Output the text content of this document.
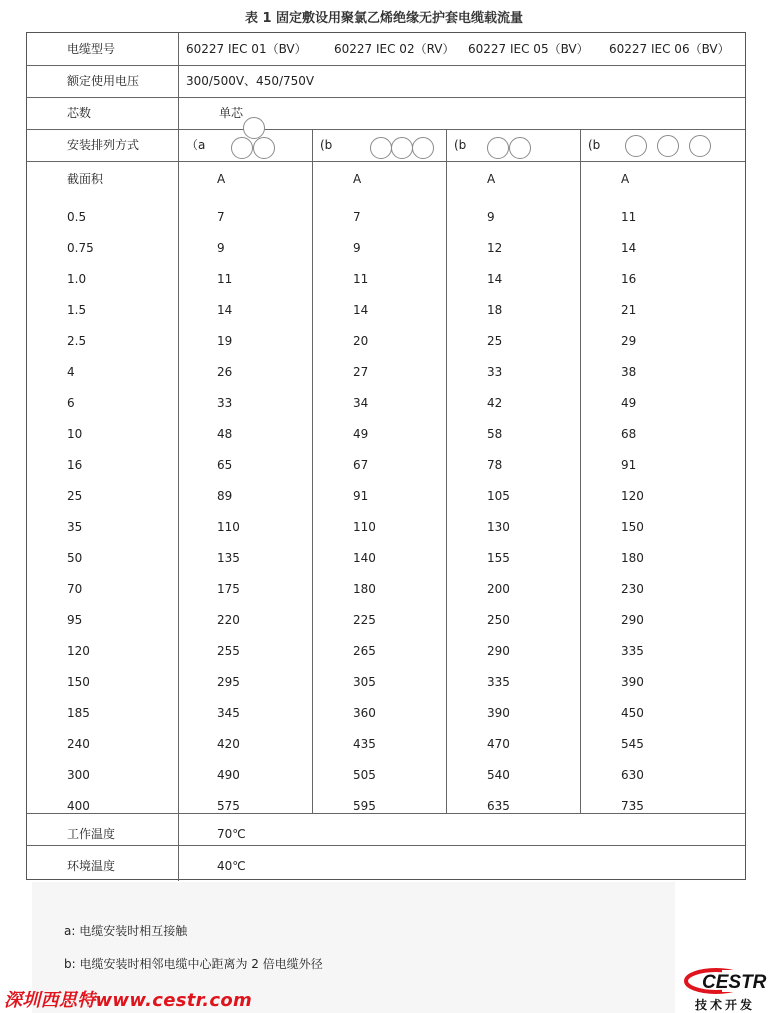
表 1 固定敷设用聚氯乙烯绝缘无护套电缆载流量
电缆型号	60227 IEC 01（BV） 60227 IEC 02（RV） 60227 IEC 05（BV） 60227 IEC 06（BV）
额定使用电压	300/500V、450/750V
芯数	单芯
安装排列方式	（a	(b	(b	(b
截面积	A	A	A	A
0.5	7	7	9	11
0.75	9	9	12	14
1.0	11	11	14	16
1.5	14	14	18	21
2.5	19	20	25	29
4	26	27	33	38
6	33	34	42	49
10	48	49	58	68
16	65	67	78	91
25	89	91	105	120
35	110	110	130	150
50	135	140	155	180
70	175	180	200	230
95	220	225	250	290
120	255	265	290	335
150	295	305	335	390
185	345	360	390	450
240	420	435	470	545
300	490	505	540	630
400	575	595	635	735
工作温度	70℃
环境温度	40℃
a: 电缆安装时相互接触
b: 电缆安装时相邻电缆中心距离为 2 倍电缆外径
深圳西思特www.cestr.com
CESTR
技术开发
